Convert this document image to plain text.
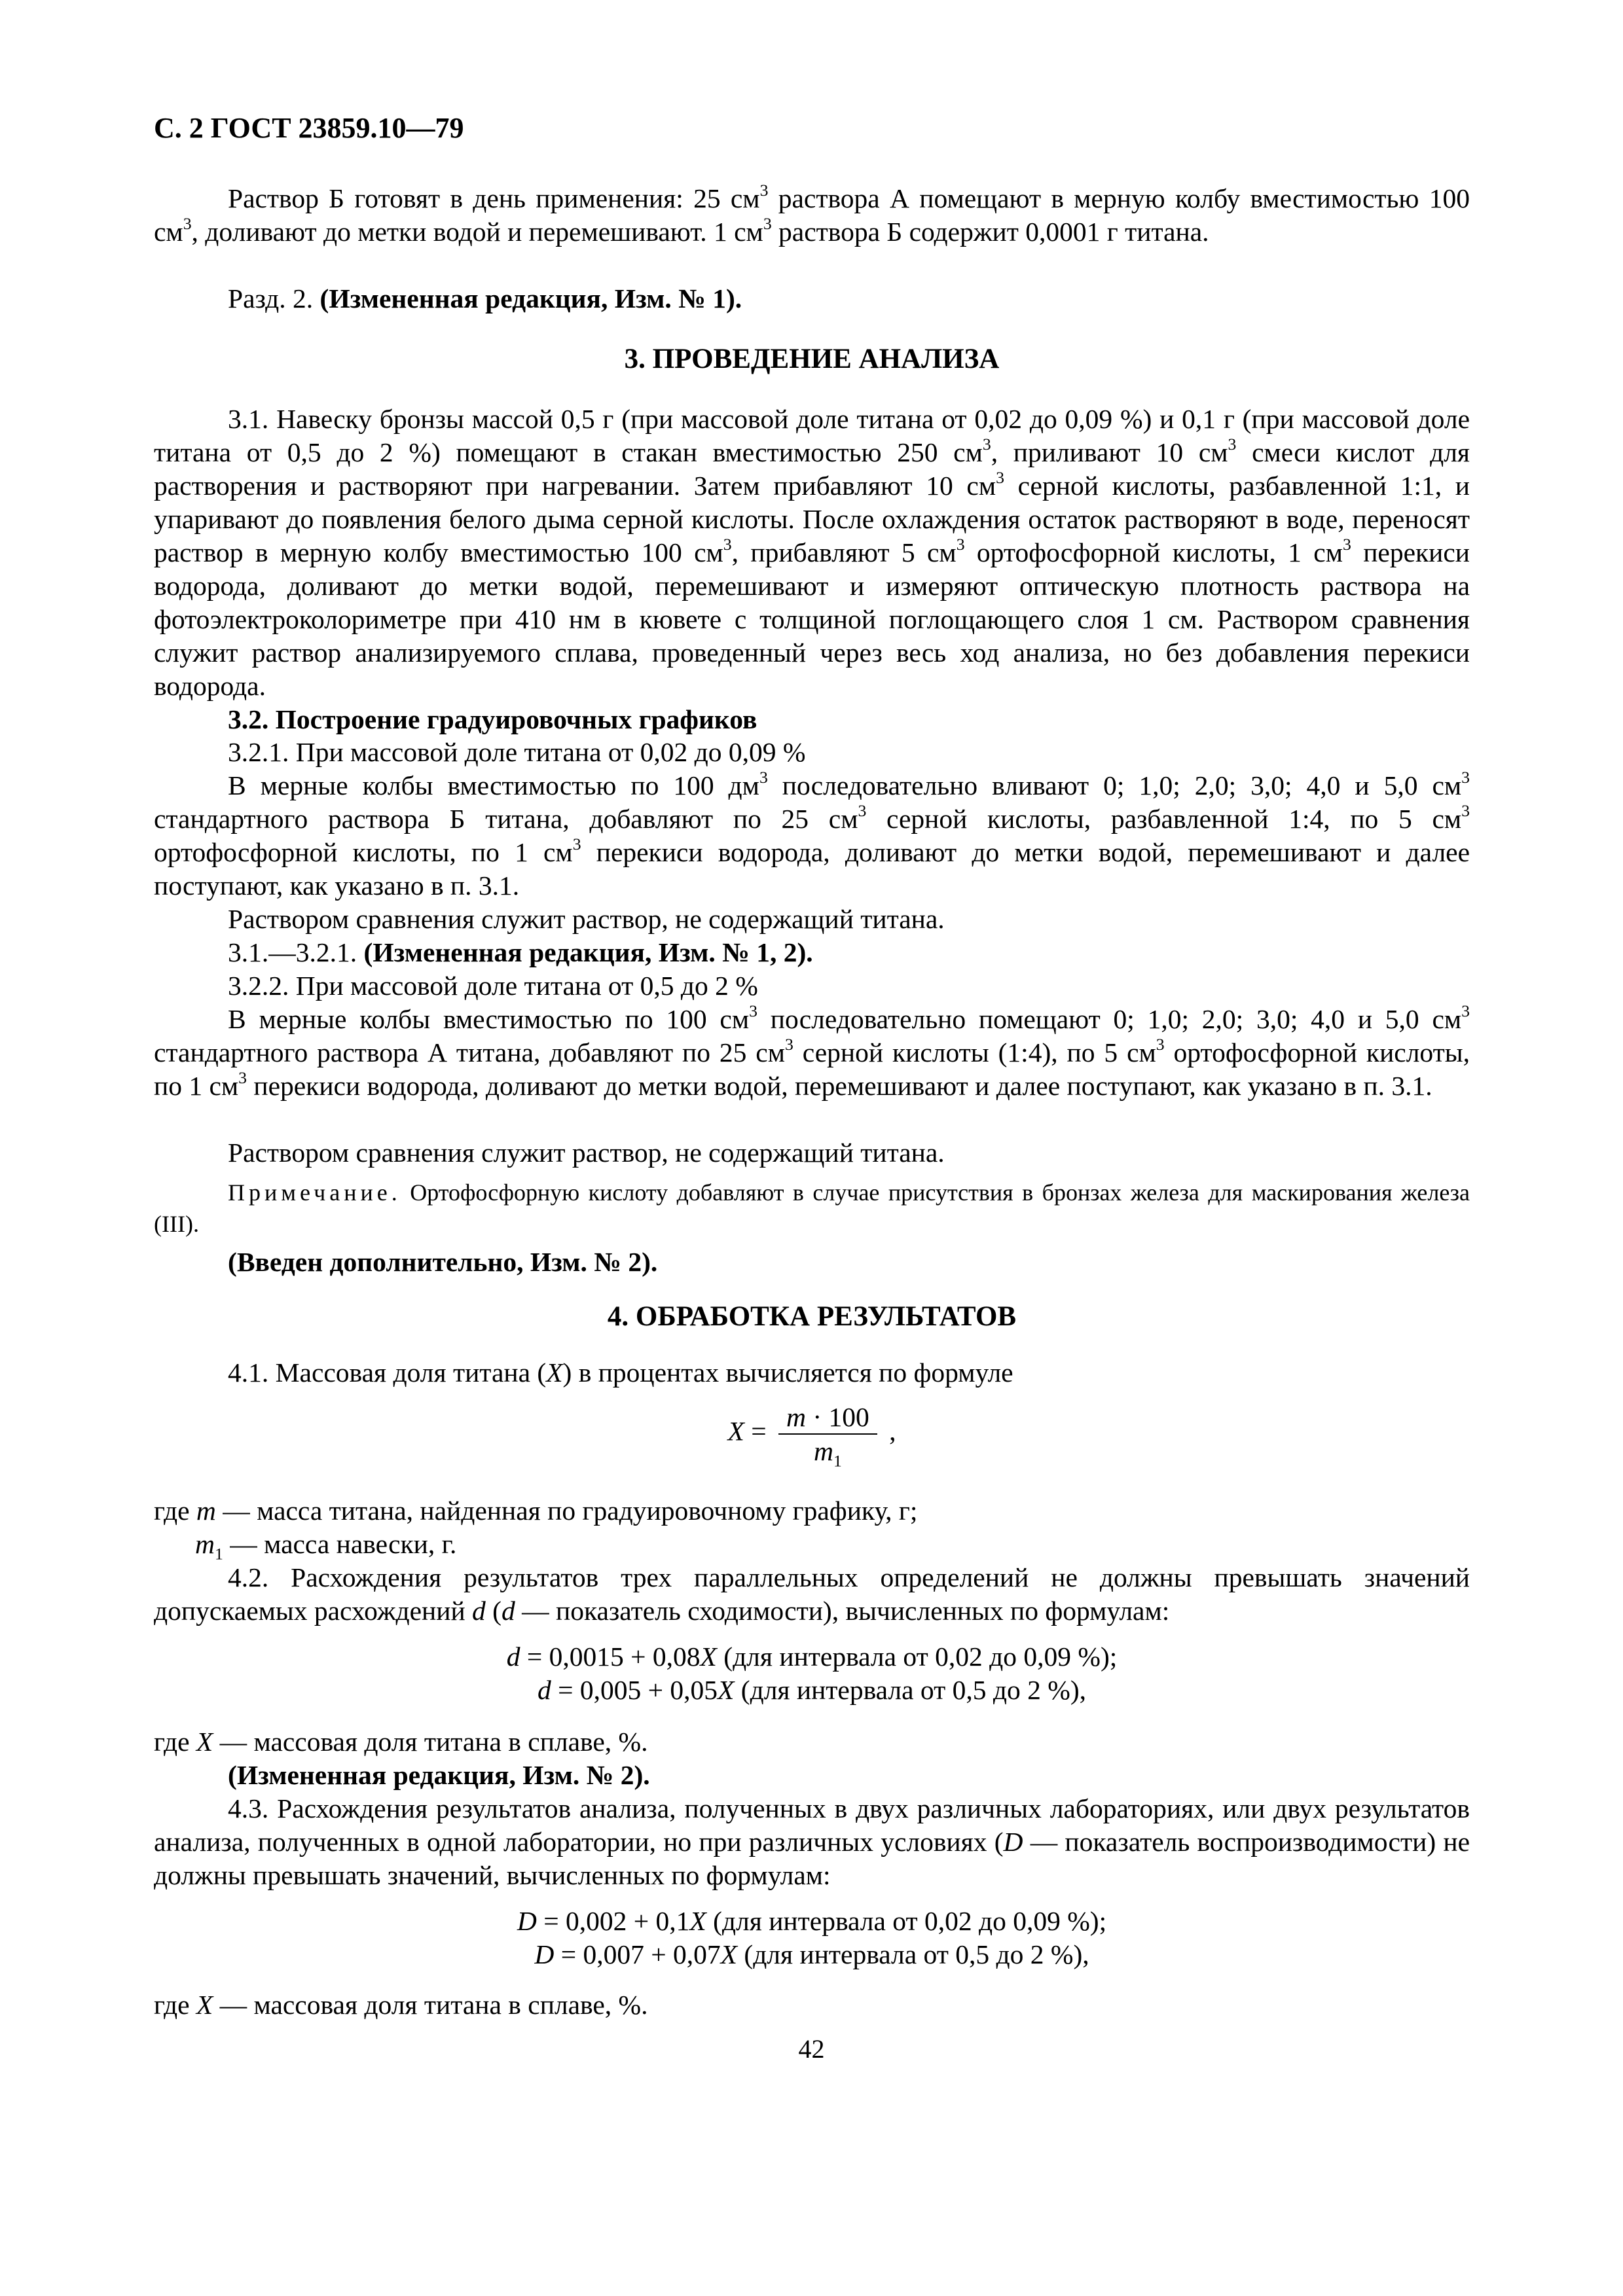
С. 2 ГОСТ 23859.10—79
Раствор Б готовят в день применения: 25 $см^3$ раствора А помещают в мерную колбу вместимостью 100 $см^3$, доливают до метки водой и перемешивают. 1 $см^3$ раствора Б содержит 0,0001 г титана.
Разд. 2. (Измененная редакция, Изм. № 1).
3. ПРОВЕДЕНИЕ АНАЛИЗА
3.1. Навеску бронзы массой 0,5 г (при массовой доле титана от 0,02 до 0,09 %) и 0,1 г (при массовой доле титана от 0,5 до 2 %) помещают в стакан вместимостью 250 $см^3$, приливают 10 $см^3$ смеси кислот для растворения и растворяют при нагревании. Затем прибавляют 10 $см^3$ серной кислоты, разбавленной 1:1, и упаривают до появления белого дыма серной кислоты. После охлаждения остаток растворяют в воде, переносят раствор в мерную колбу вместимостью 100 $см^3$, прибавляют 5 $см^3$ ортофосфорной кислоты, 1 $см^3$ перекиси водорода, доливают до метки водой, перемешивают и измеряют оптическую плотность раствора на фотоэлектроколориметре при 410 нм в кювете с толщиной поглощающего слоя 1 см. Раствором сравнения служит раствор анализируемого сплава, проведенный через весь ход анализа, но без добавления перекиси водорода.
3.2. Построение градуировочных графиков
3.2.1. При массовой доле титана от 0,02 до 0,09 %
В мерные колбы вместимостью по 100 $дм^3$ последовательно вливают 0; 1,0; 2,0; 3,0; 4,0 и 5,0 $см^3$ стандартного раствора Б титана, добавляют по 25 $см^3$ серной кислоты, разбавленной 1:4, по 5 $см^3$ ортофосфорной кислоты, по 1 $см^3$ перекиси водорода, доливают до метки водой, перемешивают и далее поступают, как указано в п. 3.1.
Раствором сравнения служит раствор, не содержащий титана.
3.1.—3.2.1. (Измененная редакция, Изм. № 1, 2).
3.2.2. При массовой доле титана от 0,5 до 2 %
В мерные колбы вместимостью по 100 $см^3$ последовательно помещают 0; 1,0; 2,0; 3,0; 4,0 и 5,0 $см^3$ стандартного раствора А титана, добавляют по 25 $см^3$ серной кислоты (1:4), по 5 $см^3$ ортофосфорной кислоты, по 1 $см^3$ перекиси водорода, доливают до метки водой, перемешивают и далее поступают, как указано в п. 3.1.
Раствором сравнения служит раствор, не содержащий титана.
Примечание. Ортофосфорную кислоту добавляют в случае присутствия в бронзах железа для маскирования железа (III).
(Введен дополнительно, Изм. № 2).
4. ОБРАБОТКА РЕЗУЛЬТАТОВ
4.1. Массовая доля титана (X) в процентах вычисляется по формуле
$X = \frac{m \cdot 100}{m_1}$ ,
где m — масса титана, найденная по градуировочному графику, г;
$m_1$ — масса навески, г.
4.2. Расхождения результатов трех параллельных определений не должны превышать значений допускаемых расхождений d (d — показатель сходимости), вычисленных по формулам:
d = 0,0015 + 0,08X (для интервала от 0,02 до 0,09 %);
d = 0,005 + 0,05X (для интервала от 0,5 до 2 %),
где X — массовая доля титана в сплаве, %.
(Измененная редакция, Изм. № 2).
4.3. Расхождения результатов анализа, полученных в двух различных лабораториях, или двух результатов анализа, полученных в одной лаборатории, но при различных условиях (D — показатель воспроизводимости) не должны превышать значений, вычисленных по формулам:
D = 0,002 + 0,1X (для интервала от 0,02 до 0,09 %);
D = 0,007 + 0,07X (для интервала от 0,5 до 2 %),
где X — массовая доля титана в сплаве, %.
42
